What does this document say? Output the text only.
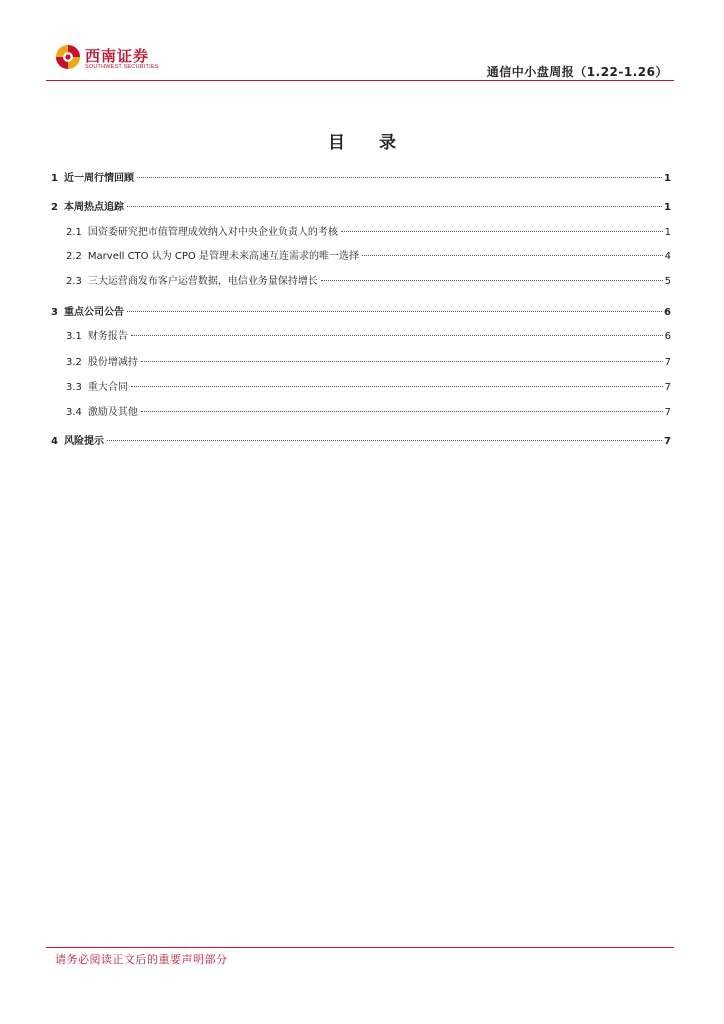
西南证券
SOUTHWEST SECURITIES	通信中小盘周报（1.22-1.26）
目 录
1 近一周行情回顾	1
2 本周热点追踪	1
2.1 国资委研究把市值管理成效纳入对中央企业负责人的考核	1
2.2 Marvell CTO 认为 CPO 是管理未来高速互连需求的唯一选择	4
2.3 三大运营商发布客户运营数据，电信业务量保持增长	5
3 重点公司公告	6
3.1 财务报告	6
3.2 股份增减持	7
3.3 重大合同	7
3.4 激励及其他	7
4 风险提示	7
请务必阅读正文后的重要声明部分
